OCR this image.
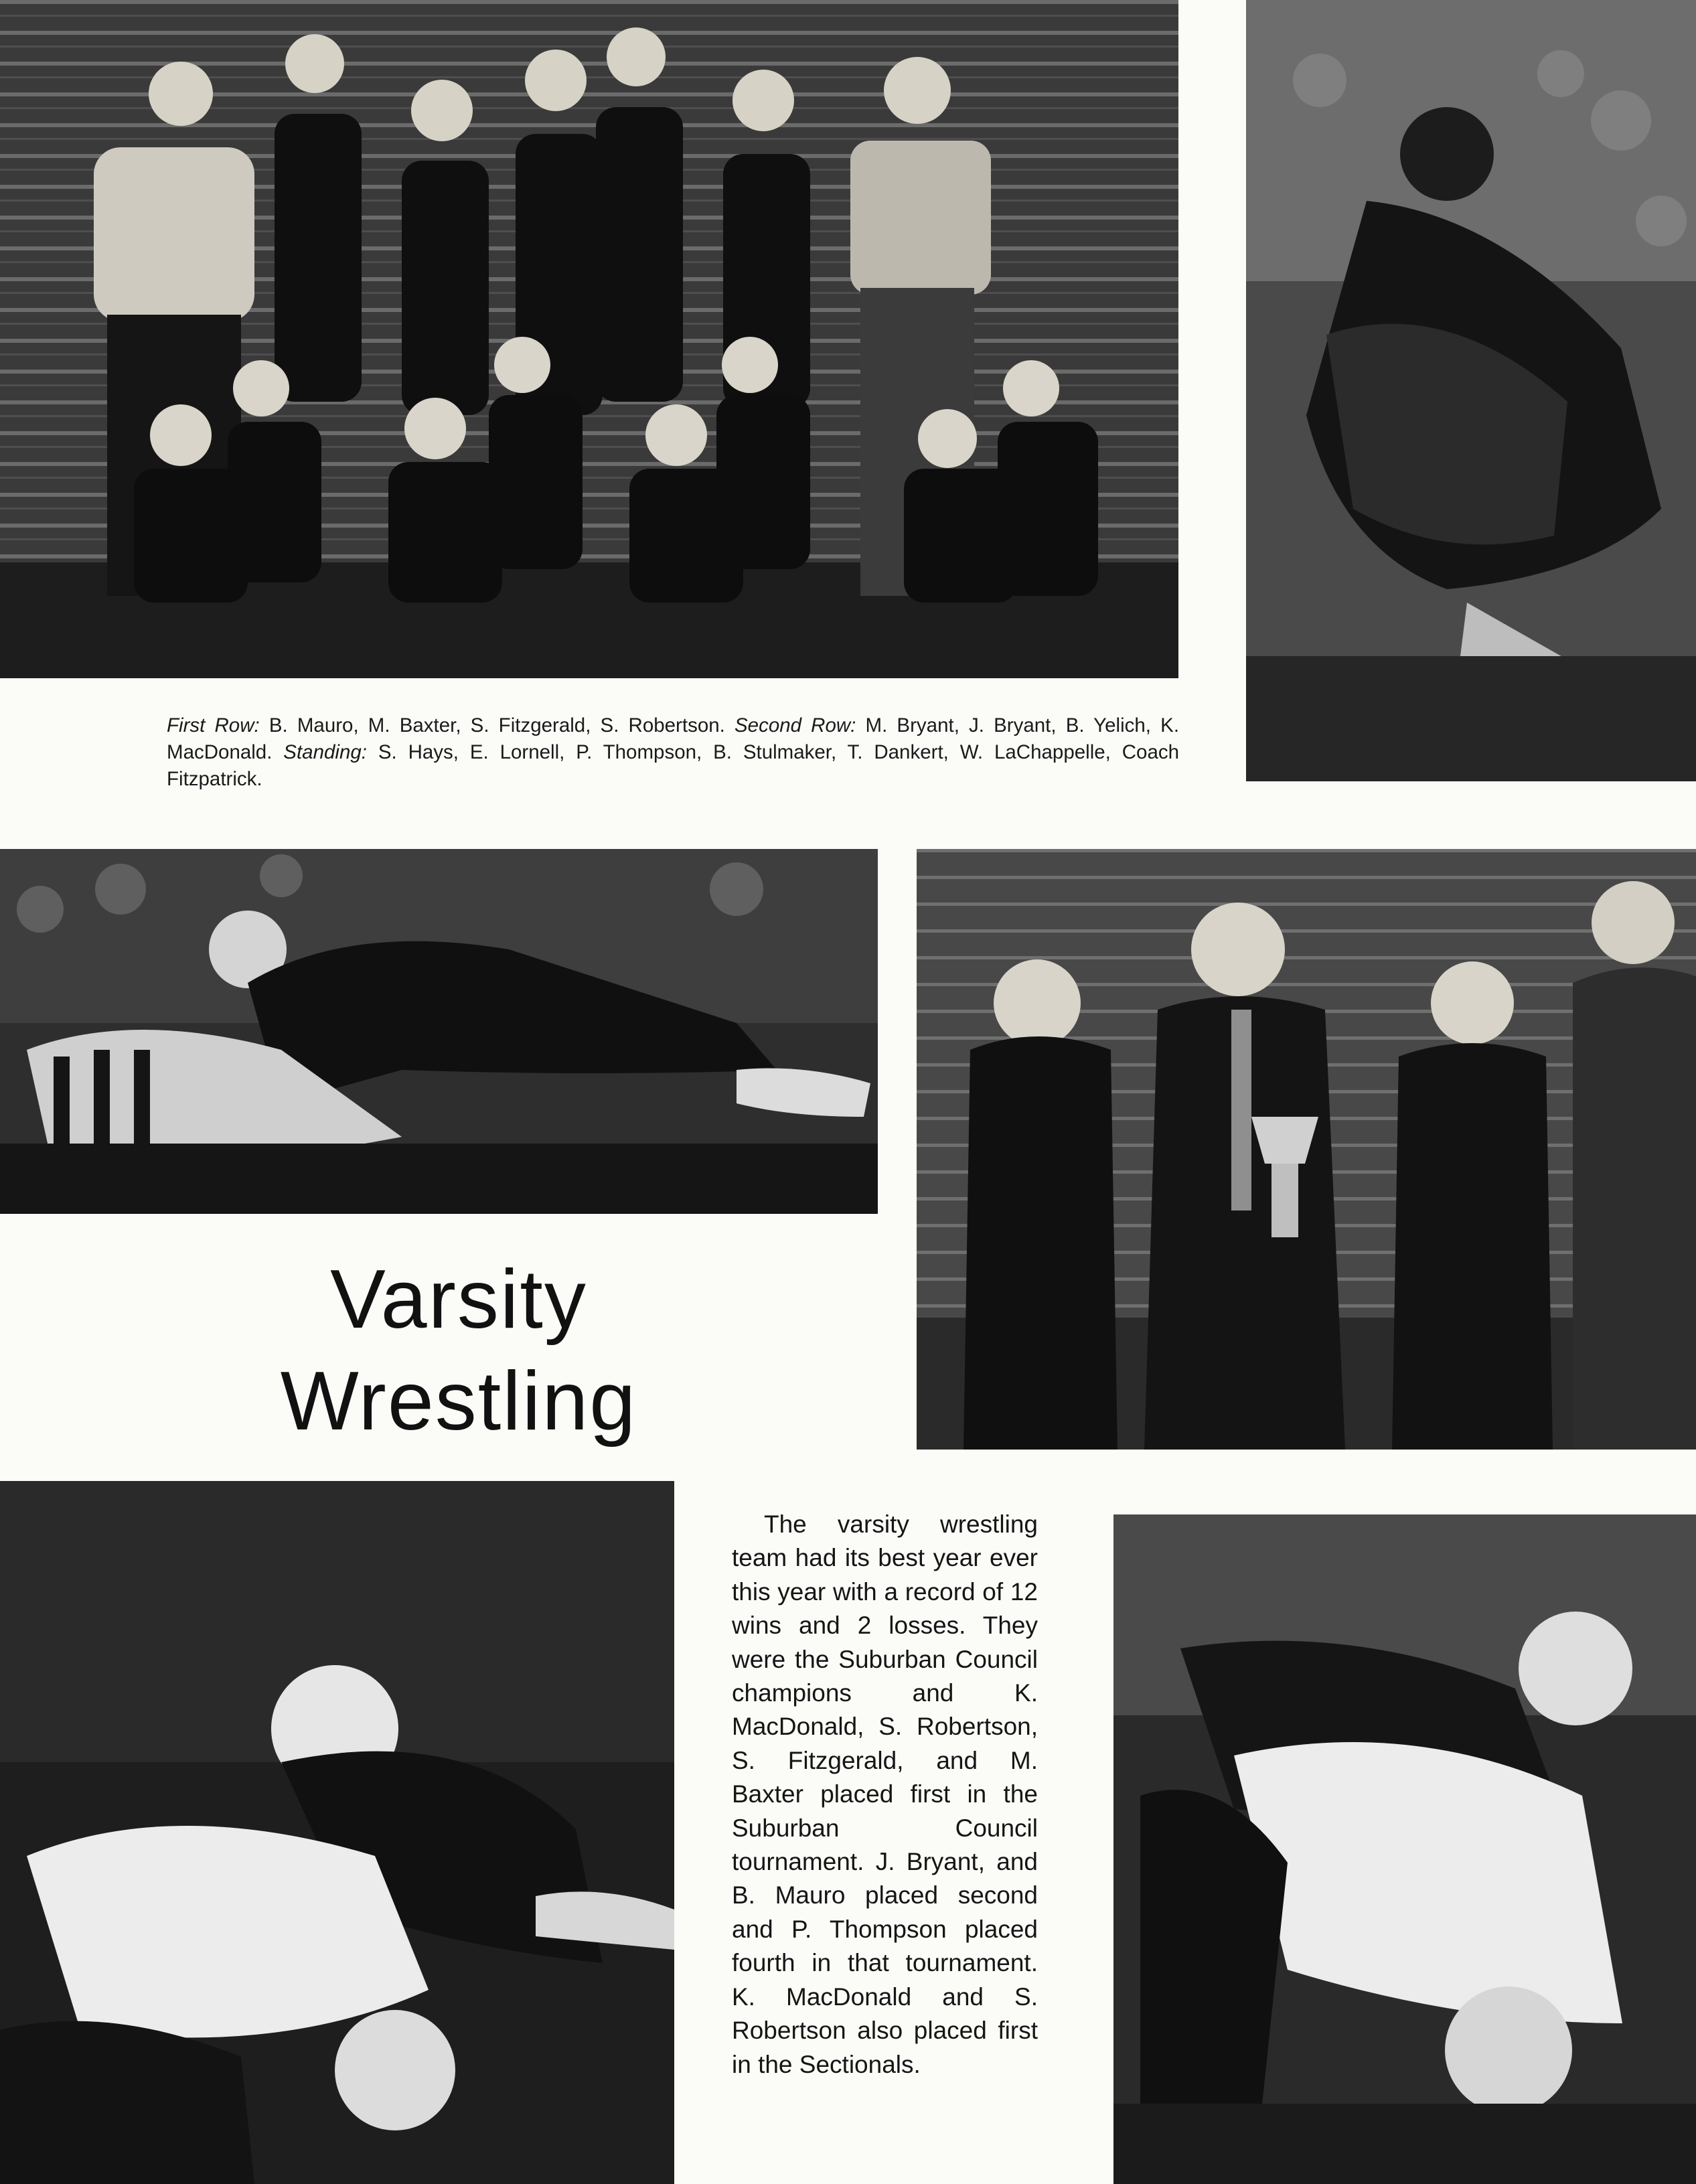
First Row: B. Mauro, M. Baxter, S. Fitzgerald, S. Robertson. Second Row: M. Bryant, J. Bryant, B. Yelich, K. MacDonald. Standing: S. Hays, E. Lornell, P. Thompson, B. Stulmaker, T. Dankert, W. LaChappelle, Coach Fitzpatrick.
Varsity
Wrestling

The varsity wrestling team had its best year ever this year with a record of 12 wins and 2 losses. They were the Suburban Council champions and K. MacDonald, S. Robertson, S. Fitzgerald, and M. Baxter placed first in the Suburban Council tournament. J. Bryant, and B. Mauro placed second and P. Thompson placed fourth in that tournament. K. MacDonald and S. Robertson also placed first in the Sectionals.
